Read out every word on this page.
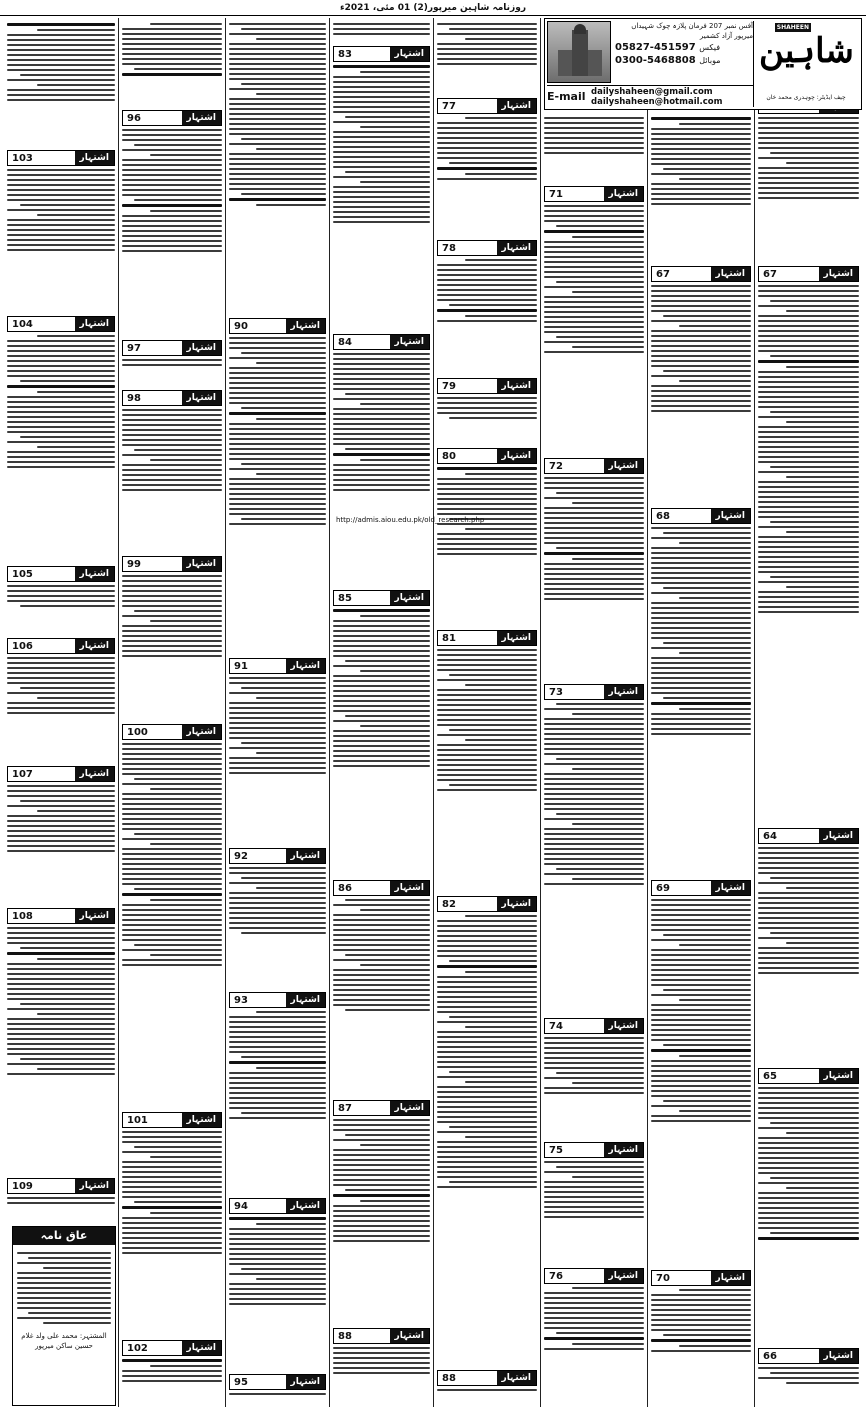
روزنامہ شاہین میرپور(2) 01 مئی، 2021ء
103	اشتہار
104	اشتہار
105	اشتہار
106	اشتہار
107	اشتہار
108	اشتہار
109	اشتہار
96	اشتہار
97	اشتہار
98	اشتہار
99	اشتہار
100	اشتہار
101	اشتہار
102	اشتہار
90	اشتہار
91	اشتہار
92	اشتہار
93	اشتہار
94	اشتہار
95	اشتہار
83	اشتہار
84	اشتہار
85	اشتہار
86	اشتہار
87	اشتہار
88	اشتہار
77	اشتہار
78	اشتہار
79	اشتہار
80	اشتہار
81	اشتہار
82	اشتہار
88	اشتہار
71	اشتہار
72	اشتہار
73	اشتہار
74	اشتہار
75	اشتہار
76	اشتہار
67	اشتہار
68	اشتہار
69	اشتہار
70	اشتہار
67	اشتہار
64	اشتہار
65	اشتہار
66	اشتہار
SHAHEEN
شاہین
چیف ایڈیٹر: چوہدری محمد خان
آفس نمبر 207 فرمان پلازہ چوک شہیداں میرپور آزاد کشمیر
05827-451597 فیکس
0300-5468808 موبائل
E-mail dailyshaheen@gmail.com
dailyshaheen@hotmail.com
http://admis.aiou.edu.pk/old_research.php
عاق نامہ
المشتہر: محمد علی ولد غلام حسین ساکن میرپور
